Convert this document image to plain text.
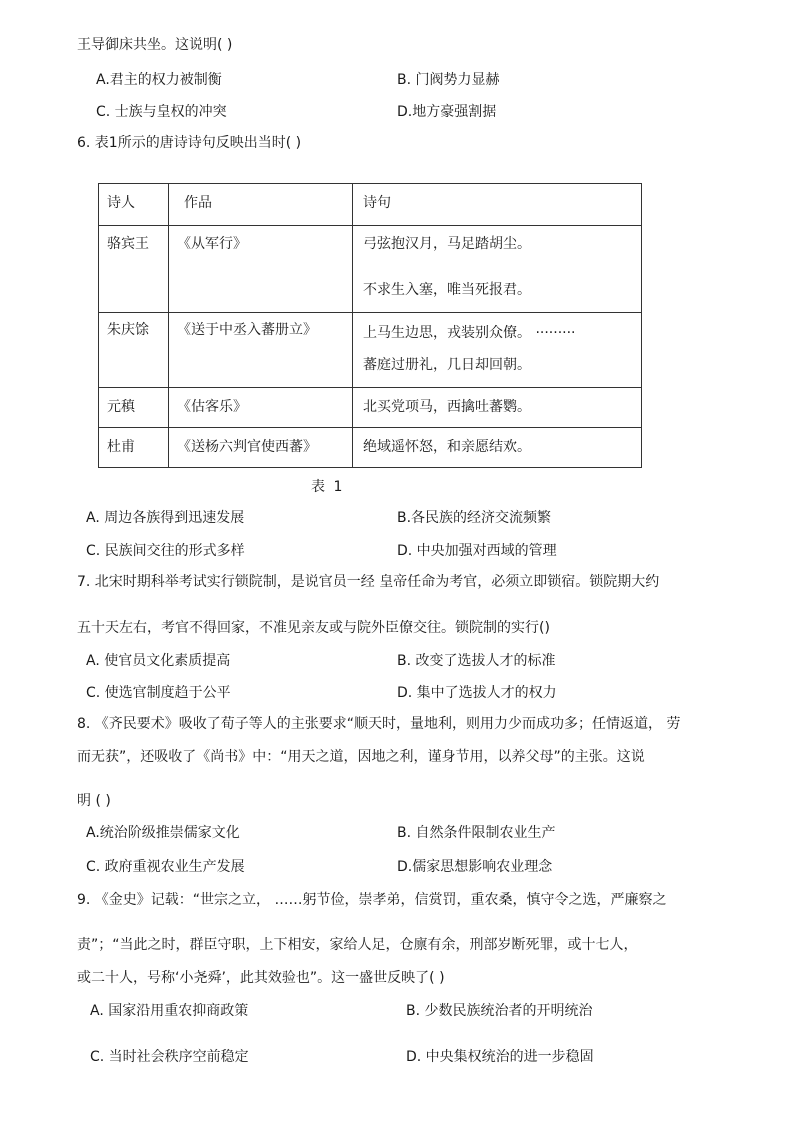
王导御床共坐。这说明( )
A.君主的权力被制衡	B. 门阀势力显赫
C. 士族与皇权的冲突	D.地方豪强割据
6. 表1所示的唐诗诗句反映出当时( )
诗人	作品	诗句

骆宾王	《从军行》	弓弦抱汉月，马足踏胡尘。
不求生入塞，唯当死报君。

朱庆馀	《送于中丞入蕃册立》	上马生边思，戎装别众僚。 ·········
蕃庭过册礼，几日却回朝。

元稹	《估客乐》	北买党项马，西擒吐蕃鹦。

杜甫	《送杨六判官使西蕃》	绝域遥怀怒，和亲愿结欢。
表 1
A. 周边各族得到迅速发展	B.各民族的经济交流频繁
C. 民族间交往的形式多样	D. 中央加强对西域的管理
7. 北宋时期科举考试实行锁院制，是说官员一经 皇帝任命为考官，必须立即锁宿。锁院期大约
五十天左右，考官不得回家，不准见亲友或与院外臣僚交往。锁院制的实行()
A. 使官员文化素质提高	B. 改变了选拔人才的标准
C. 使选官制度趋于公平	D. 集中了选拔人才的权力
8. 《齐民要术》吸收了荀子等人的主张要求“顺天时，量地利，则用力少而成功多；任情返道， 劳
而无获”，还吸收了《尚书》中：“用天之道，因地之利，谨身节用，以养父母”的主张。这说
明 ( )
A.统治阶级推崇儒家文化	B. 自然条件限制农业生产
C. 政府重视农业生产发展	D.儒家思想影响农业理念
9. 《金史》记载：“世宗之立， ……躬节俭，崇孝弟，信赏罚，重农桑，慎守令之选，严廉察之
责”；“当此之时，群臣守职，上下相安，家给人足，仓廪有余，刑部岁断死罪，或十七人，
或二十人，号称‘小尧舜’，此其效验也”。这一盛世反映了( )
A. 国家沿用重农抑商政策	B. 少数民族统治者的开明统治
C. 当时社会秩序空前稳定	D. 中央集权统治的进一步稳固
